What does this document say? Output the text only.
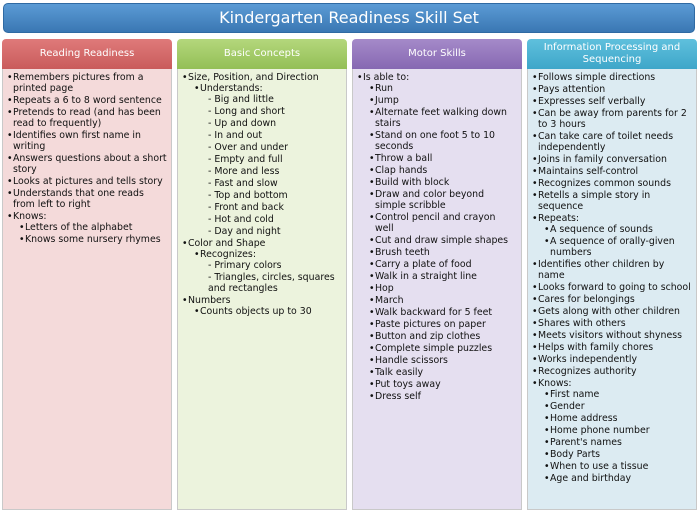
Kindergarten Readiness Skill Set
Reading Readiness
• Remembers pictures from a printed page
• Repeats a 6 to 8 word sentence
• Pretends to read (and has been read to frequently)
• Identifies own first name in writing
• Answers questions about a short story
• Looks at pictures and tells story
• Understands that one reads from left to right
• Knows:
• Letters of the alphabet
• Knows some nursery rhymes
Basic Concepts
• Size, Position, and Direction
• Understands:
- Big and little
- Long and short
- Up and down
- In and out
- Over and under
- Empty and full
- More and less
- Fast and slow
- Top and bottom
- Front and back
- Hot and cold
- Day and night
• Color and Shape
• Recognizes:
- Primary colors
- Triangles, circles, squares and rectangles
• Numbers
• Counts objects up to 30
Motor Skills
• Is able to:
• Run
• Jump
• Alternate feet walking down stairs
• Stand on one foot 5 to 10 seconds
• Throw a ball
• Clap hands
• Build with block
• Draw and color beyond simple scribble
• Control pencil and crayon well
• Cut and draw simple shapes
• Brush teeth
• Carry a plate of food
• Walk in a straight line
• Hop
• March
• Walk backward for 5 feet
• Paste pictures on paper
• Button and zip clothes
• Complete simple puzzles
• Handle scissors
• Talk easily
• Put toys away
• Dress self
Information Processing and Sequencing
• Follows simple directions
• Pays attention
• Expresses self verbally
• Can be away from parents for 2 to 3 hours
• Can take care of toilet needs independently
• Joins in family conversation
• Maintains self-control
• Recognizes common sounds
• Retells a simple story in sequence
• Repeats:
• A sequence of sounds
• A sequence of orally-given numbers
• Identifies other children by name
• Looks forward to going to school
• Cares for belongings
• Gets along with other children
• Shares with others
• Meets visitors without shyness
• Helps with family chores
• Works independently
• Recognizes authority
• Knows:
• First name
• Gender
• Home address
• Home phone number
• Parent's names
• Body Parts
• When to use a tissue
• Age and birthday
